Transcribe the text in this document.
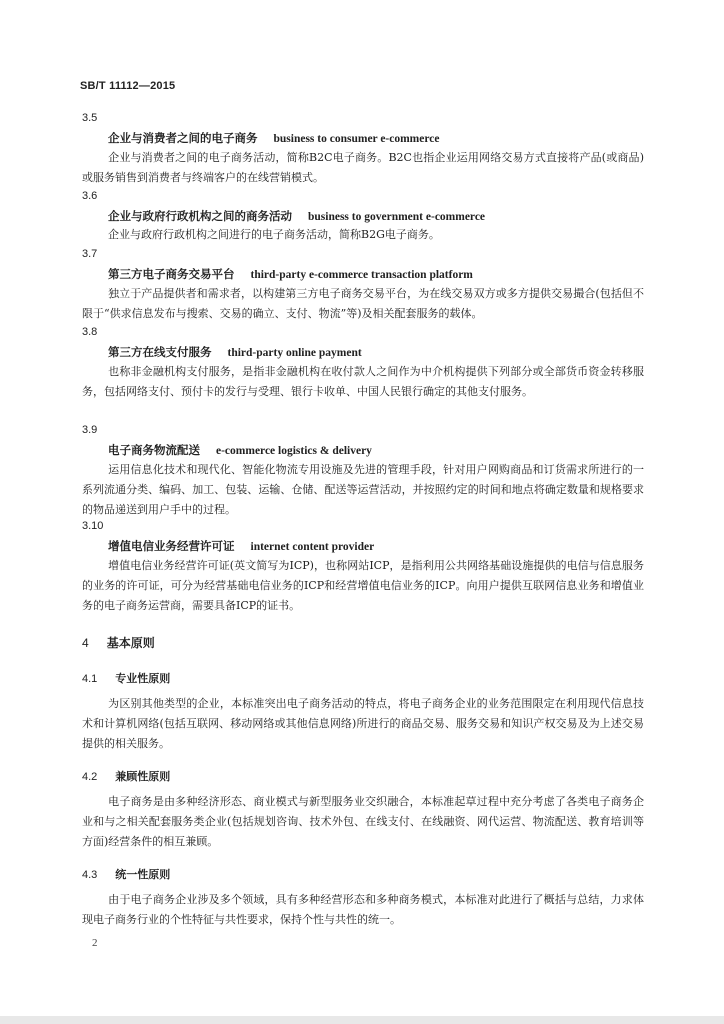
SB/T 11112—2015
3.5
企业与消费者之间的电子商务 business to consumer e-commerce
企业与消费者之间的电子商务活动，简称B2C电子商务。B2C也指企业运用网络交易方式直接将产品(或商品)或服务销售到消费者与终端客户的在线营销模式。
3.6
企业与政府行政机构之间的商务活动 business to government e-commerce
企业与政府行政机构之间进行的电子商务活动，简称B2G电子商务。
3.7
第三方电子商务交易平台 third-party e-commerce transaction platform
独立于产品提供者和需求者，以构建第三方电子商务交易平台，为在线交易双方或多方提供交易撮合(包括但不限于“供求信息发布与搜索、交易的确立、支付、物流”等)及相关配套服务的载体。
3.8
第三方在线支付服务 third-party online payment
也称非金融机构支付服务，是指非金融机构在收付款人之间作为中介机构提供下列部分或全部货币资金转移服务，包括网络支付、预付卡的发行与受理、银行卡收单、中国人民银行确定的其他支付服务。
3.9
电子商务物流配送 e-commerce logistics & delivery
运用信息化技术和现代化、智能化物流专用设施及先进的管理手段，针对用户网购商品和订货需求所进行的一系列流通分类、编码、加工、包装、运输、仓储、配送等运营活动，并按照约定的时间和地点将确定数量和规格要求的物品递送到用户手中的过程。
3.10
增值电信业务经营许可证 internet content provider
增值电信业务经营许可证(英文简写为ICP)，也称网站ICP，是指利用公共网络基础设施提供的电信与信息服务的业务的许可证，可分为经营基础电信业务的ICP和经营增值电信业务的ICP。向用户提供互联网信息业务和增值业务的电子商务运营商，需要具备ICP的证书。
4 基本原则
4.1 专业性原则
为区别其他类型的企业，本标准突出电子商务活动的特点，将电子商务企业的业务范围限定在利用现代信息技术和计算机网络(包括互联网、移动网络或其他信息网络)所进行的商品交易、服务交易和知识产权交易及为上述交易提供的相关服务。
4.2 兼顾性原则
电子商务是由多种经济形态、商业模式与新型服务业交织融合，本标准起草过程中充分考虑了各类电子商务企业和与之相关配套服务类企业(包括规划咨询、技术外包、在线支付、在线融资、网代运营、物流配送、教育培训等方面)经营条件的相互兼顾。
4.3 统一性原则
由于电子商务企业涉及多个领域，具有多种经营形态和多种商务模式，本标准对此进行了概括与总结，力求体现电子商务行业的个性特征与共性要求，保持个性与共性的统一。
2
